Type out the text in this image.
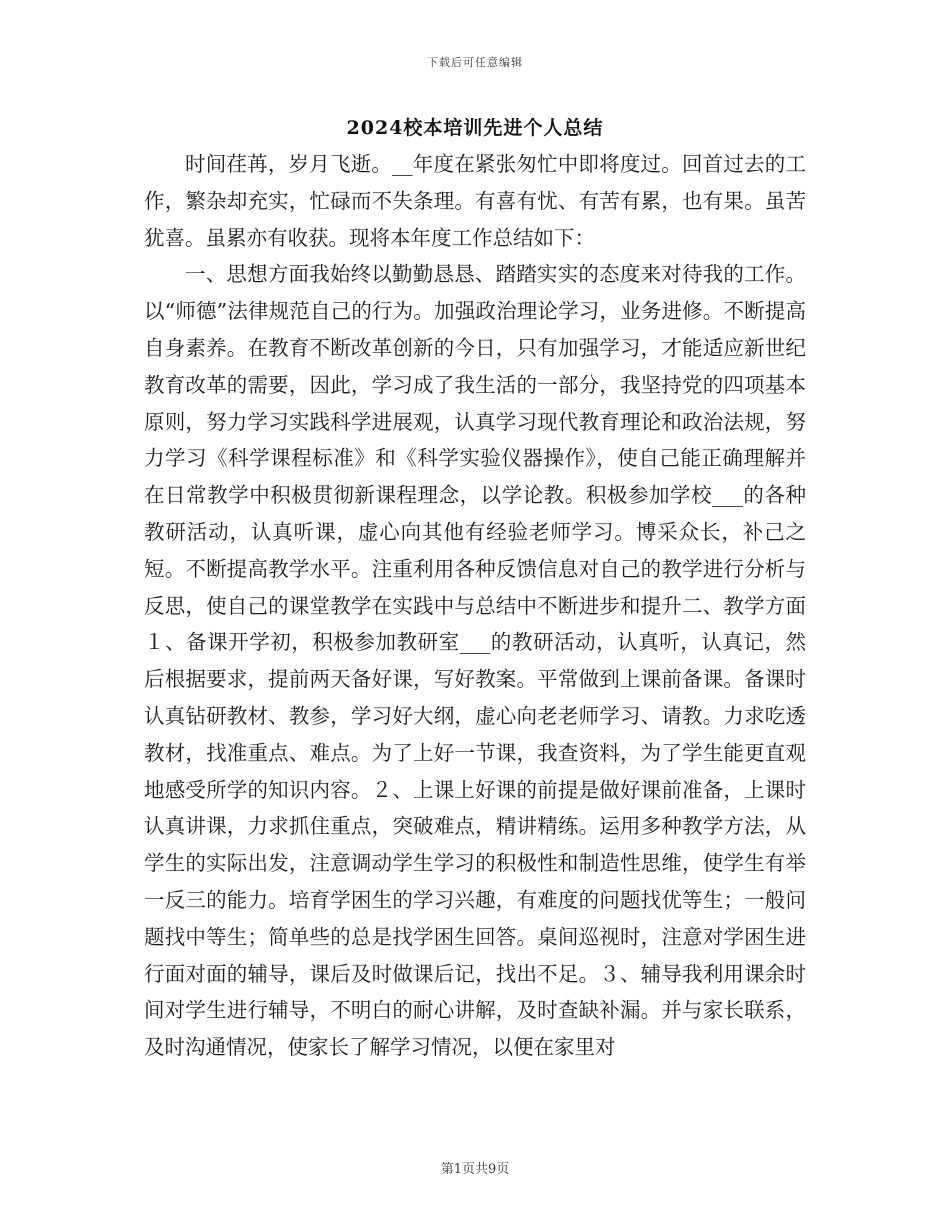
下载后可任意编辑
2024校本培训先进个人总结

时间荏苒，岁月飞逝。__年度在紧张匆忙中即将度过。回首过去的工作，繁杂却充实，忙碌而不失条理。有喜有忧、有苦有累，也有果。虽苦犹喜。虽累亦有收获。现将本年度工作总结如下：

一、思想方面我始终以勤勤恳恳、踏踏实实的态度来对待我的工作。以“师德”法律规范自己的行为。加强政治理论学习，业务进修。不断提高自身素养。在教育不断改革创新的今日，只有加强学习，才能适应新世纪教育改革的需要，因此，学习成了我生活的一部分，我坚持党的四项基本原则，努力学习实践科学进展观，认真学习现代教育理论和政治法规，努力学习《科学课程标准》和《科学实验仪器操作》，使自己能正确理解并在日常教学中积极贯彻新课程理念，以学论教。积极参加学校___的各种教研活动，认真听课，虚心向其他有经验老师学习。博采众长，补己之短。不断提高教学水平。注重利用各种反馈信息对自己的教学进行分析与反思，使自己的课堂教学在实践中与总结中不断进步和提升二、教学方面１、备课开学初，积极参加教研室___的教研活动，认真听，认真记，然后根据要求，提前两天备好课，写好教案。平常做到上课前备课。备课时认真钻研教材、教参，学习好大纲，虚心向老老师学习、请教。力求吃透教材，找准重点、难点。为了上好一节课，我查资料，为了学生能更直观地感受所学的知识内容。２、上课上好课的前提是做好课前准备，上课时认真讲课，力求抓住重点，突破难点，精讲精练。运用多种教学方法，从学生的实际出发，注意调动学生学习的积极性和制造性思维，使学生有举一反三的能力。培育学困生的学习兴趣，有难度的问题找优等生；一般问题找中等生；简单些的总是找学困生回答。桌间巡视时，注意对学困生进行面对面的辅导，课后及时做课后记，找出不足。３、辅导我利用课余时间对学生进行辅导，不明白的耐心讲解，及时查缺补漏。并与家长联系，及时沟通情况，使家长了解学习情况，以便在家里对

第1页共9页
